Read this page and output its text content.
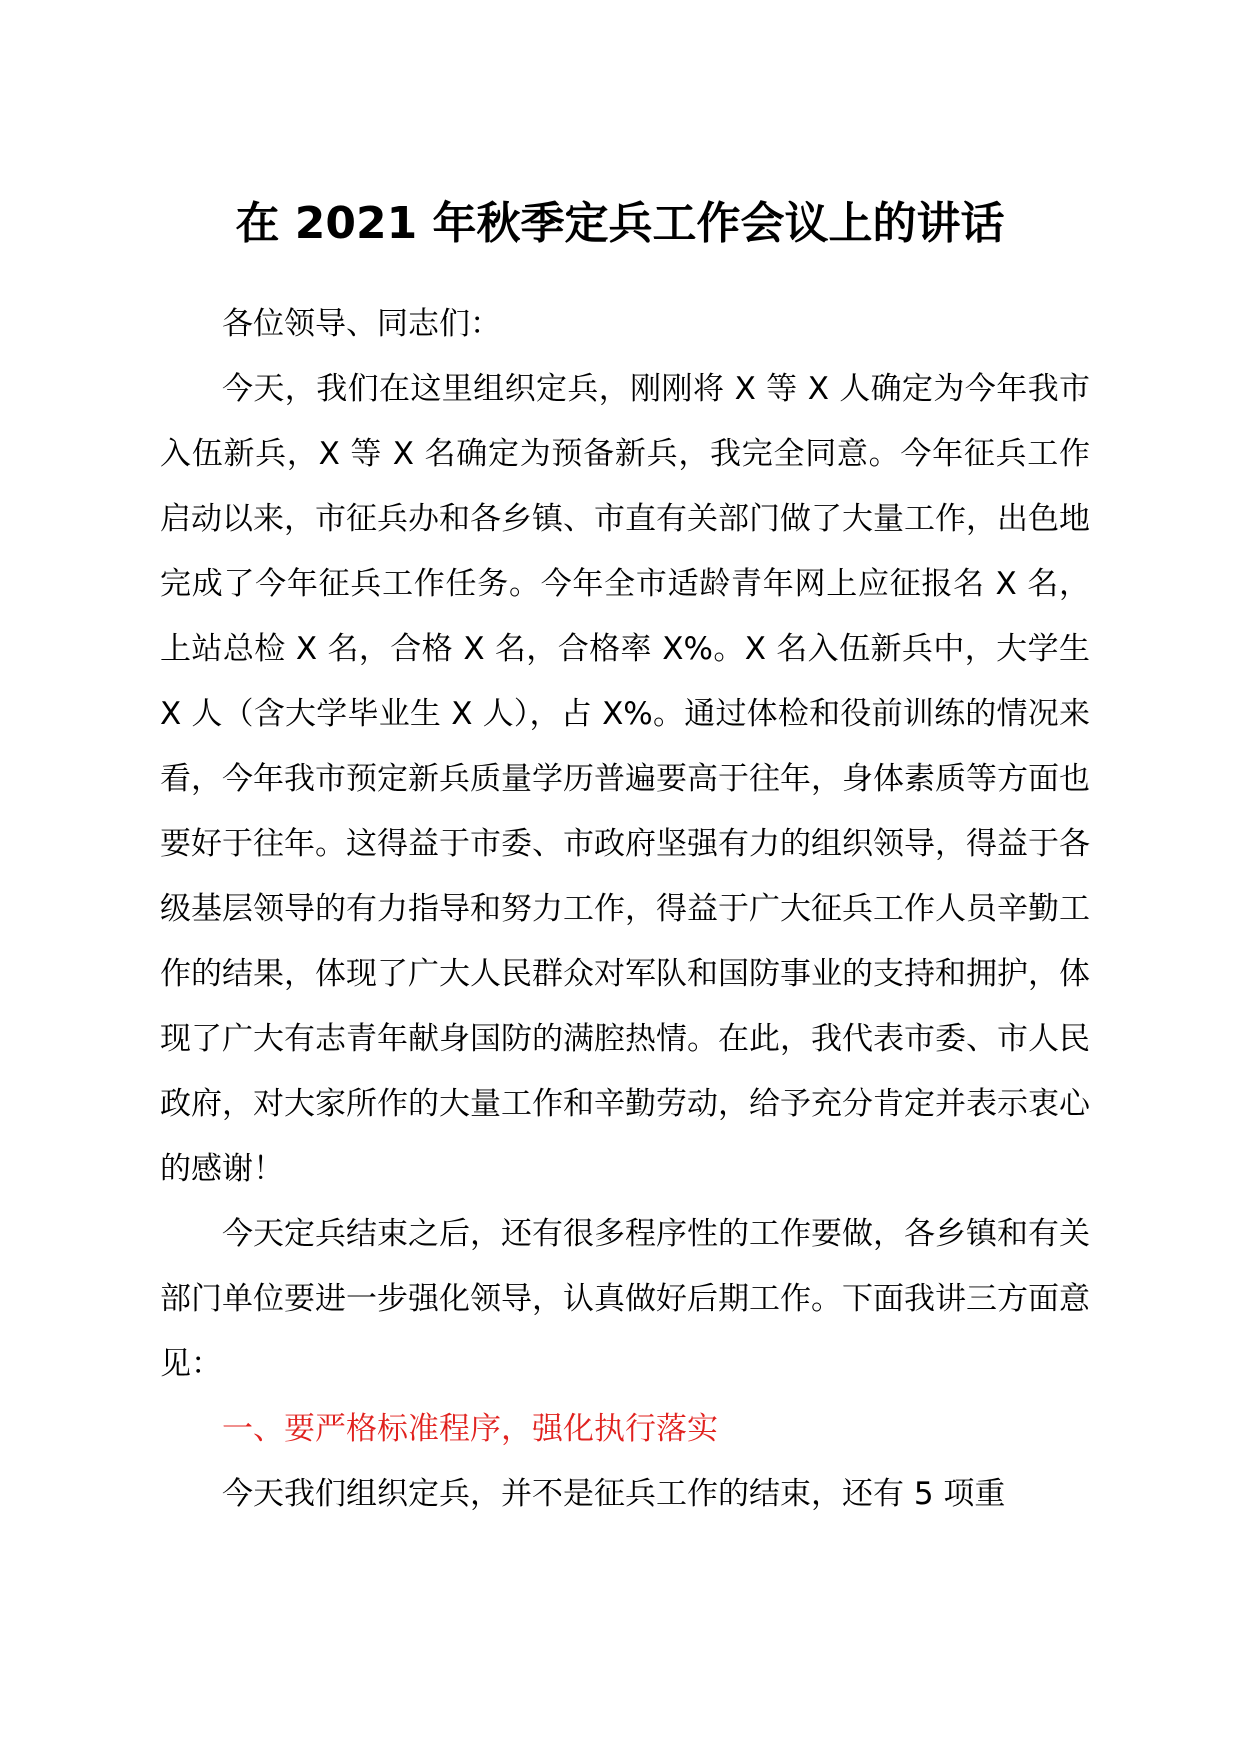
在 2021 年秋季定兵工作会议上的讲话

各位领导、同志们：

今天，我们在这里组织定兵，刚刚将 X 等 X 人确定为今年我市入伍新兵，X 等 X 名确定为预备新兵，我完全同意。今年征兵工作启动以来，市征兵办和各乡镇、市直有关部门做了大量工作，出色地完成了今年征兵工作任务。今年全市适龄青年网上应征报名 X 名，上站总检 X 名，合格 X 名，合格率 X%。X 名入伍新兵中，大学生 X 人（含大学毕业生 X 人），占 X%。通过体检和役前训练的情况来看，今年我市预定新兵质量学历普遍要高于往年，身体素质等方面也要好于往年。这得益于市委、市政府坚强有力的组织领导，得益于各级基层领导的有力指导和努力工作，得益于广大征兵工作人员辛勤工作的结果，体现了广大人民群众对军队和国防事业的支持和拥护，体现了广大有志青年献身国防的满腔热情。在此，我代表市委、市人民政府，对大家所作的大量工作和辛勤劳动，给予充分肯定并表示衷心的感谢！

今天定兵结束之后，还有很多程序性的工作要做，各乡镇和有关部门单位要进一步强化领导，认真做好后期工作。下面我讲三方面意见：

一、要严格标准程序，强化执行落实

今天我们组织定兵，并不是征兵工作的结束，还有 5 项重
